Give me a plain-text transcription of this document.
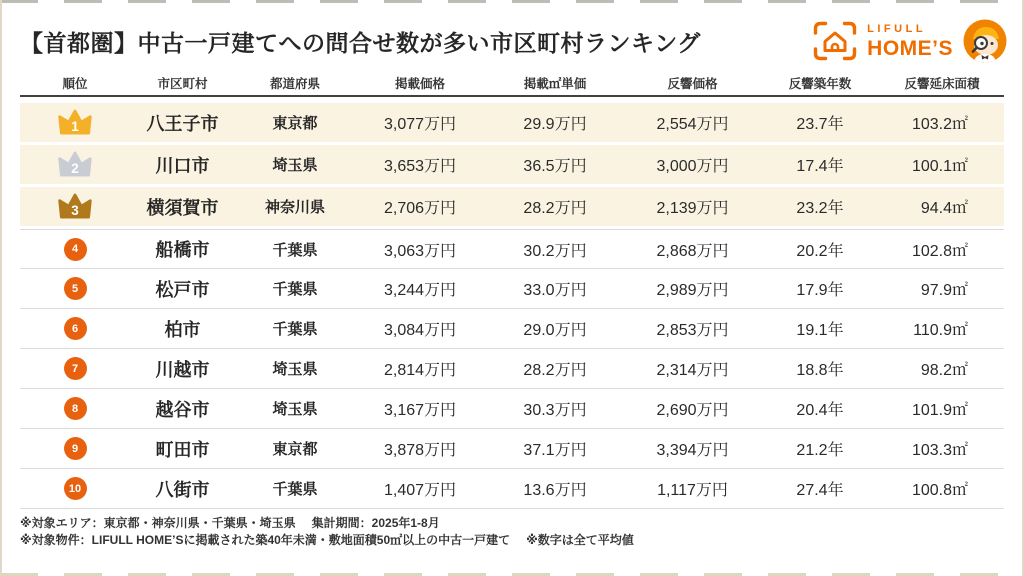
【首都圏】中古一戸建てへの問合せ数が多い市区町村ランキング
LIFULL
HOME’S
順位	市区町村	都道府県	掲載価格	掲載㎡単価	反響価格	反響築年数	反響延床面積
1	八王子市	東京都	3,077万円	29.9万円	2,554万円	23.7年	103.2㎡
2	川口市	埼玉県	3,653万円	36.5万円	3,000万円	17.4年	100.1㎡
3	横須賀市	神奈川県	2,706万円	28.2万円	2,139万円	23.2年	94.4㎡
4	船橋市	千葉県	3,063万円	30.2万円	2,868万円	20.2年	102.8㎡
5	松戸市	千葉県	3,244万円	33.0万円	2,989万円	17.9年	97.9㎡
6	柏市	千葉県	3,084万円	29.0万円	2,853万円	19.1年	110.9㎡
7	川越市	埼玉県	2,814万円	28.2万円	2,314万円	18.8年	98.2㎡
8	越谷市	埼玉県	3,167万円	30.3万円	2,690万円	20.4年	101.9㎡
9	町田市	東京都	3,878万円	37.1万円	3,394万円	21.2年	103.3㎡
10	八街市	千葉県	1,407万円	13.6万円	1,117万円	27.4年	100.8㎡
※対象エリア：東京都・神奈川県・千葉県・埼玉県 集計期間：2025年1-8月
※対象物件：LIFULL HOME’Sに掲載された築40年未満・敷地面積50㎡以上の中古一戸建て ※数字は全て平均値
